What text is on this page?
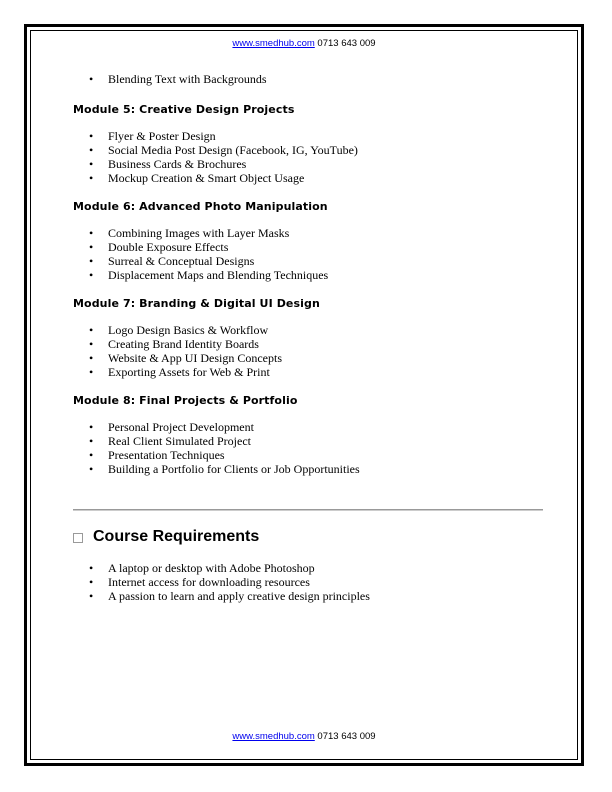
www.smedhub.com 0713 643 009
• Blending Text with Backgrounds
Module 5: Creative Design Projects
• Flyer & Poster Design
• Social Media Post Design (Facebook, IG, YouTube)
• Business Cards & Brochures
• Mockup Creation & Smart Object Usage
Module 6: Advanced Photo Manipulation
• Combining Images with Layer Masks
• Double Exposure Effects
• Surreal & Conceptual Designs
• Displacement Maps and Blending Techniques
Module 7: Branding & Digital UI Design
• Logo Design Basics & Workflow
• Creating Brand Identity Boards
• Website & App UI Design Concepts
• Exporting Assets for Web & Print
Module 8: Final Projects & Portfolio
• Personal Project Development
• Real Client Simulated Project
• Presentation Techniques
• Building a Portfolio for Clients or Job Opportunities
Course Requirements
• A laptop or desktop with Adobe Photoshop
• Internet access for downloading resources
• A passion to learn and apply creative design principles
www.smedhub.com 0713 643 009
